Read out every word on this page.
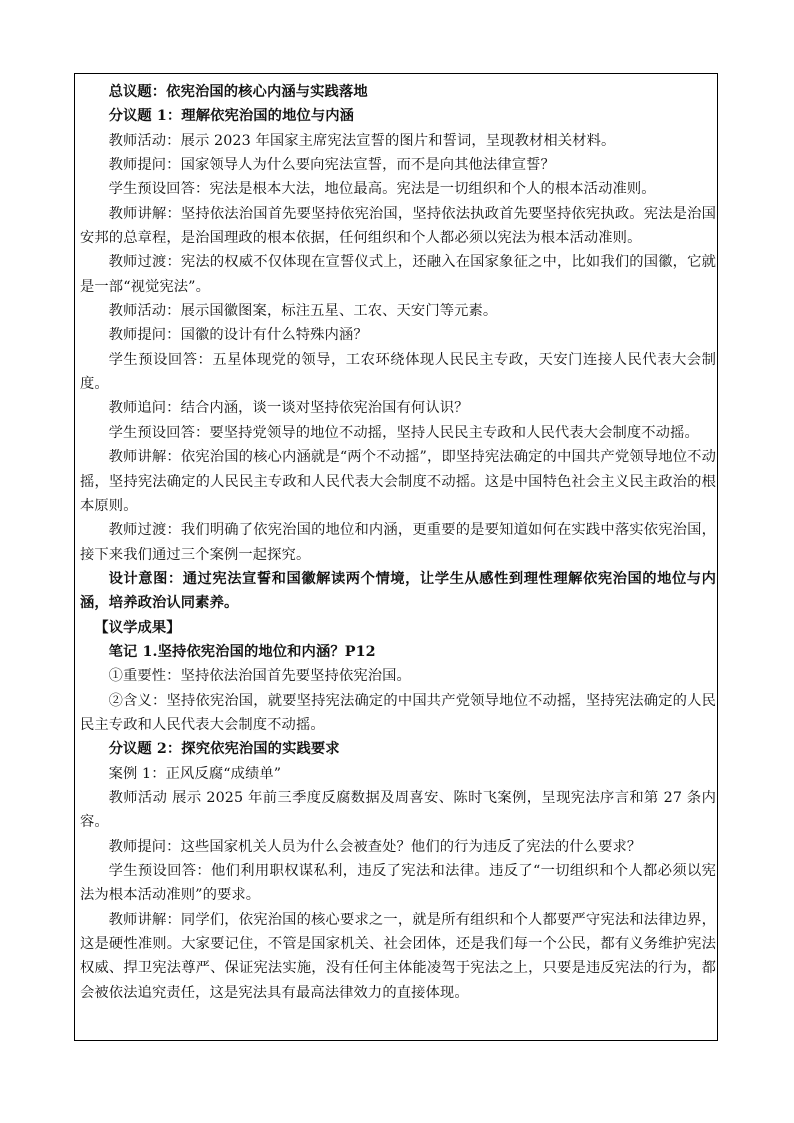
总议题：依宪治国的核心内涵与实践落地

分议题 1：理解依宪治国的地位与内涵

教师活动：展示 2023 年国家主席宪法宣誓的图片和誓词，呈现教材相关材料。

教师提问：国家领导人为什么要向宪法宣誓，而不是向其他法律宣誓？

学生预设回答：宪法是根本大法，地位最高。宪法是一切组织和个人的根本活动准则。

教师讲解：坚持依法治国首先要坚持依宪治国，坚持依法执政首先要坚持依宪执政。宪法是治国安邦的总章程，是治国理政的根本依据，任何组织和个人都必须以宪法为根本活动准则。

教师过渡：宪法的权威不仅体现在宣誓仪式上，还融入在国家象征之中，比如我们的国徽，它就是一部“视觉宪法”。

教师活动：展示国徽图案，标注五星、工农、天安门等元素。

教师提问：国徽的设计有什么特殊内涵？

学生预设回答：五星体现党的领导，工农环绕体现人民民主专政，天安门连接人民代表大会制度。

教师追问：结合内涵，谈一谈对坚持依宪治国有何认识？

学生预设回答：要坚持党领导的地位不动摇，坚持人民民主专政和人民代表大会制度不动摇。

教师讲解：依宪治国的核心内涵就是“两个不动摇”，即坚持宪法确定的中国共产党领导地位不动摇，坚持宪法确定的人民民主专政和人民代表大会制度不动摇。这是中国特色社会主义民主政治的根本原则。

教师过渡：我们明确了依宪治国的地位和内涵，更重要的是要知道如何在实践中落实依宪治国，接下来我们通过三个案例一起探究。

设计意图：通过宪法宣誓和国徽解读两个情境，让学生从感性到理性理解依宪治国的地位与内涵，培养政治认同素养。

【议学成果】

笔记 1.坚持依宪治国的地位和内涵？P12

①重要性：坚持依法治国首先要坚持依宪治国。

②含义：坚持依宪治国，就要坚持宪法确定的中国共产党领导地位不动摇，坚持宪法确定的人民民主专政和人民代表大会制度不动摇。

分议题 2：探究依宪治国的实践要求

案例 1：正风反腐“成绩单”

教师活动 展示 2025 年前三季度反腐数据及周喜安、陈时飞案例，呈现宪法序言和第 27 条内容。

教师提问：这些国家机关人员为什么会被查处？他们的行为违反了宪法的什么要求？

学生预设回答：他们利用职权谋私利，违反了宪法和法律。违反了“一切组织和个人都必须以宪法为根本活动准则”的要求。

教师讲解：同学们，依宪治国的核心要求之一，就是所有组织和个人都要严守宪法和法律边界，这是硬性准则。大家要记住，不管是国家机关、社会团体，还是我们每一个公民，都有义务维护宪法权威、捍卫宪法尊严、保证宪法实施，没有任何主体能凌驾于宪法之上，只要是违反宪法的行为，都会被依法追究责任，这是宪法具有最高法律效力的直接体现。
